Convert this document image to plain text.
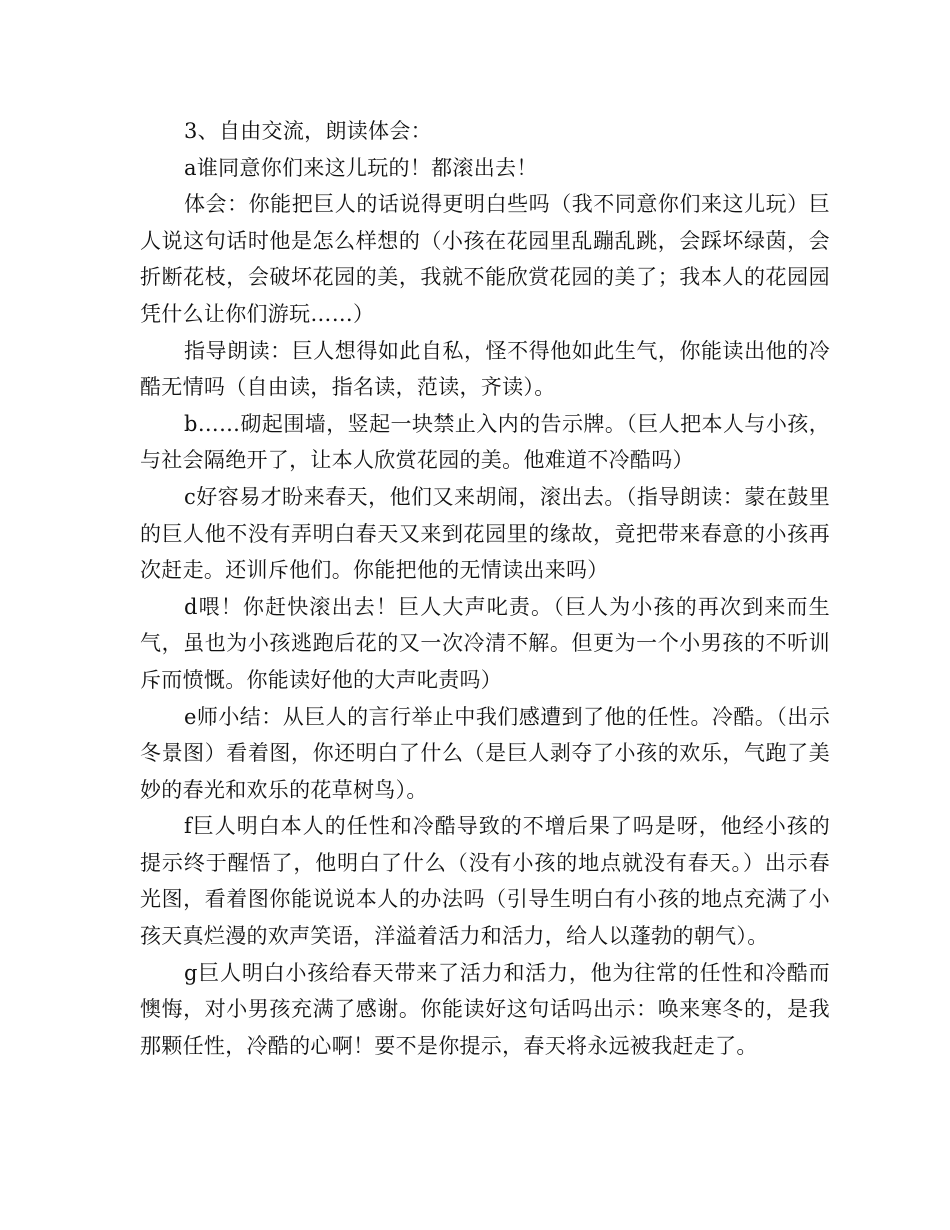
3、自由交流，朗读体会：

a谁同意你们来这儿玩的！都滚出去！

体会：你能把巨人的话说得更明白些吗（我不同意你们来这儿玩）巨人说这句话时他是怎么样想的（小孩在花园里乱蹦乱跳，会踩坏绿茵，会折断花枝，会破坏花园的美，我就不能欣赏花园的美了；我本人的花园园凭什么让你们游玩……）

指导朗读：巨人想得如此自私，怪不得他如此生气，你能读出他的冷酷无情吗（自由读，指名读，范读，齐读）。

b……砌起围墙，竖起一块禁止入内的告示牌。（巨人把本人与小孩，与社会隔绝开了，让本人欣赏花园的美。他难道不冷酷吗）

c好容易才盼来春天，他们又来胡闹，滚出去。（指导朗读：蒙在鼓里的巨人他不没有弄明白春天又来到花园里的缘故，竟把带来春意的小孩再次赶走。还训斥他们。你能把他的无情读出来吗）

d喂！你赶快滚出去！巨人大声叱责。（巨人为小孩的再次到来而生气，虽也为小孩逃跑后花的又一次冷清不解。但更为一个小男孩的不听训斥而愤慨。你能读好他的大声叱责吗）

e师小结：从巨人的言行举止中我们感遭到了他的任性。冷酷。（出示冬景图）看着图，你还明白了什么（是巨人剥夺了小孩的欢乐，气跑了美妙的春光和欢乐的花草树鸟）。

f巨人明白本人的任性和冷酷导致的不增后果了吗是呀，他经小孩的提示终于醒悟了，他明白了什么（没有小孩的地点就没有春天。）出示春光图，看着图你能说说本人的办法吗（引导生明白有小孩的地点充满了小孩天真烂漫的欢声笑语，洋溢着活力和活力，给人以蓬勃的朝气）。

g巨人明白小孩给春天带来了活力和活力，他为往常的任性和冷酷而懊悔，对小男孩充满了感谢。你能读好这句话吗出示：唤来寒冬的，是我那颗任性，冷酷的心啊！要不是你提示，春天将永远被我赶走了。
